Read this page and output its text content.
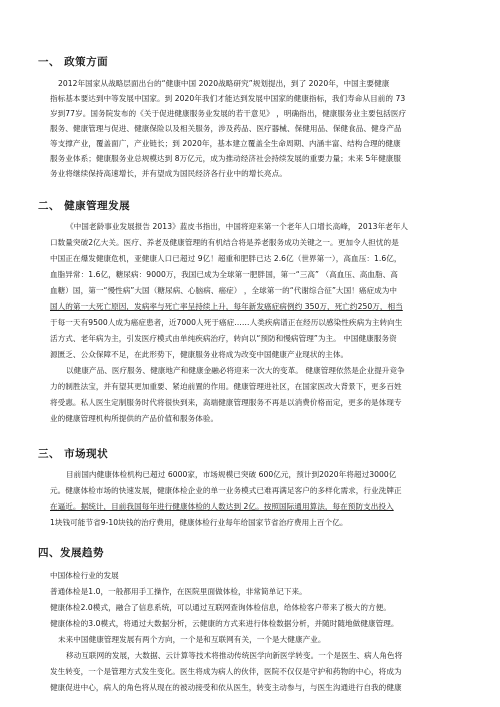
一、 政策方面
2012年国家从战略层面出台的“健康中国 2020战略研究”规划提出，到了 2020年，中国主要健康
指标基本要达到中等发展中国家。到 2020年我们才能达到发展中国家的健康指标，我们寿命从目前的 73
岁到77岁。国务院发布的《关于促进健康服务业发展的若干意见》 ，明确指出，健康服务业主要包括医疗
服务、健康管理与促进、健康保险以及相关服务，涉及药品、医疗器械、保健用品、保健食品、健身产品
等支撑产业，覆盖面广，产业链长；到 2020年，基本建立覆盖全生命周期、内涵丰富、结构合理的健康
服务业体系；健康服务业总规模达到 8万亿元，成为推动经济社会持续发展的重要力量；未来 5年健康服
务业将继续保持高速增长，并有望成为国民经济各行业中的增长亮点。
二、 健康管理发展
《中国老龄事业发展报告 2013》蓝皮书指出，中国将迎来第一个老年人口增长高峰， 2013年老年人
口数量突破2亿大关。医疗、养老及健康管理的有机结合将是养老服务成功关键之一。更加令人担忧的是
中国正在爆发健康危机，亚健康人口已超过 9亿！超重和肥胖已达 2.6亿（世界第一），高血压：1.6亿，
血脂异常：1.6亿，糖尿病：9000万，我国已成为全球第一肥胖国，第一“三高” （高血压、高血脂、高
血糖）国，第一“慢性病”大国（糖尿病、心脑病、癌症） ，全球第一的“代谢综合征”大国！癌症成为中
国人的第一大死亡原因，发病率与死亡率呈持续上升，每年新发癌症病例约 350万，死亡约250万，相当
于每一天有9500人成为癌症患者，近7000人死于癌症……人类疾病谱正在经历以感染性疾病为主转向生
活方式、老年病为主，引发医疗模式由单纯疾病治疗，转向以“预防和慢病管理”为主。 中国健康服务资
源匮乏、公众保障不足，在此形势下，健康服务业将成为改变中国健康产业现状的主体。
以健康产品、医疗服务、健康地产和健康金融必将迎来一次大的变革。 健康管理依然是企业提升竞争
力的制胜法宝，并有望其更加重要、紧迫前置的作用。健康管理进社区，在国家医改大背景下，更多百姓
将受惠。私人医生定制服务时代将很快到来，高端健康管理服务不再是以消费价格而定，更多的是体现专
业的健康管理机构所提供的产品价值和服务体验。
三、 市场现状
目前国内健康体检机构已超过 6000家，市场规模已突破 600亿元，预计到2020年将超过3000亿
元。健康体检市场的快速发展，健康体检企业的单一业务模式已难再满足客户的多样化需求，行业洗牌正
在逼近。据统计，目前我国每年进行健康体检的人数达到 2亿。按照国际通用算法，每在预防支出投入
1块钱可能节省9-10块钱的治疗费用，健康体检行业每年给国家节省治疗费用上百个亿。
四、发展趋势
中国体检行业的发展
普通体检是1.0，一般都用手工操作，在医院里面做体检，非常简单记下来。
健康体检2.0模式，融合了信息系统，可以通过互联网查询体检信息，给体检客户带来了极大的方便。
健康体检的3.0模式，将通过大数据分析，云健康的方式来进行体检数据分析，并随时随地做健康管理。
未来中国健康管理发展有两个方向，一个是和互联网有关，一个是大健康产业。
移动互联网的发展，大数据、云计算等技术将推动传统医学向新医学转变。一个是医生、病人角色将
发生转变，一个是管理方式发生变化。医生将成为病人的伙伴，医院不仅仅是守护和药物的中心，将成为
健康促进中心，病人的角色将从现在的被动接受和依从医生，转变主动参与，与医生沟通进行自我的健康
